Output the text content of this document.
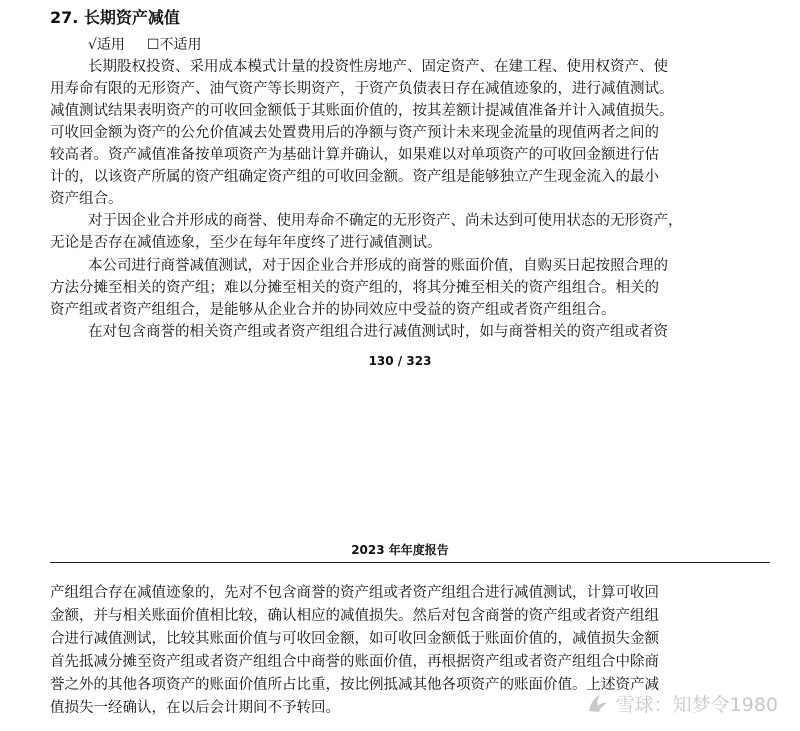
27. 长期资产减值
√适用 ☐不适用
长期股权投资、采用成本模式计量的投资性房地产、固定资产、在建工程、使用权资产、使
用寿命有限的无形资产、油气资产等长期资产，于资产负债表日存在减值迹象的，进行减值测试。
减值测试结果表明资产的可收回金额低于其账面价值的，按其差额计提减值准备并计入减值损失。
可收回金额为资产的公允价值减去处置费用后的净额与资产预计未来现金流量的现值两者之间的
较高者。资产减值准备按单项资产为基础计算并确认，如果难以对单项资产的可收回金额进行估
计的，以该资产所属的资产组确定资产组的可收回金额。资产组是能够独立产生现金流入的最小
资产组合。
对于因企业合并形成的商誉、使用寿命不确定的无形资产、尚未达到可使用状态的无形资产，
无论是否存在减值迹象，至少在每年年度终了进行减值测试。
本公司进行商誉减值测试，对于因企业合并形成的商誉的账面价值，自购买日起按照合理的
方法分摊至相关的资产组；难以分摊至相关的资产组的，将其分摊至相关的资产组组合。相关的
资产组或者资产组组合，是能够从企业合并的协同效应中受益的资产组或者资产组组合。
在对包含商誉的相关资产组或者资产组组合进行减值测试时，如与商誉相关的资产组或者资
130 / 323
2023 年年度报告
产组组合存在减值迹象的，先对不包含商誉的资产组或者资产组组合进行减值测试，计算可收回
金额，并与相关账面价值相比较，确认相应的减值损失。然后对包含商誉的资产组或者资产组组
合进行减值测试，比较其账面价值与可收回金额，如可收回金额低于账面价值的，减值损失金额
首先抵减分摊至资产组或者资产组组合中商誉的账面价值，再根据资产组或者资产组组合中除商
誉之外的其他各项资产的账面价值所占比重，按比例抵减其他各项资产的账面价值。上述资产减
值损失一经确认，在以后会计期间不予转回。	雪球：知梦令1980
